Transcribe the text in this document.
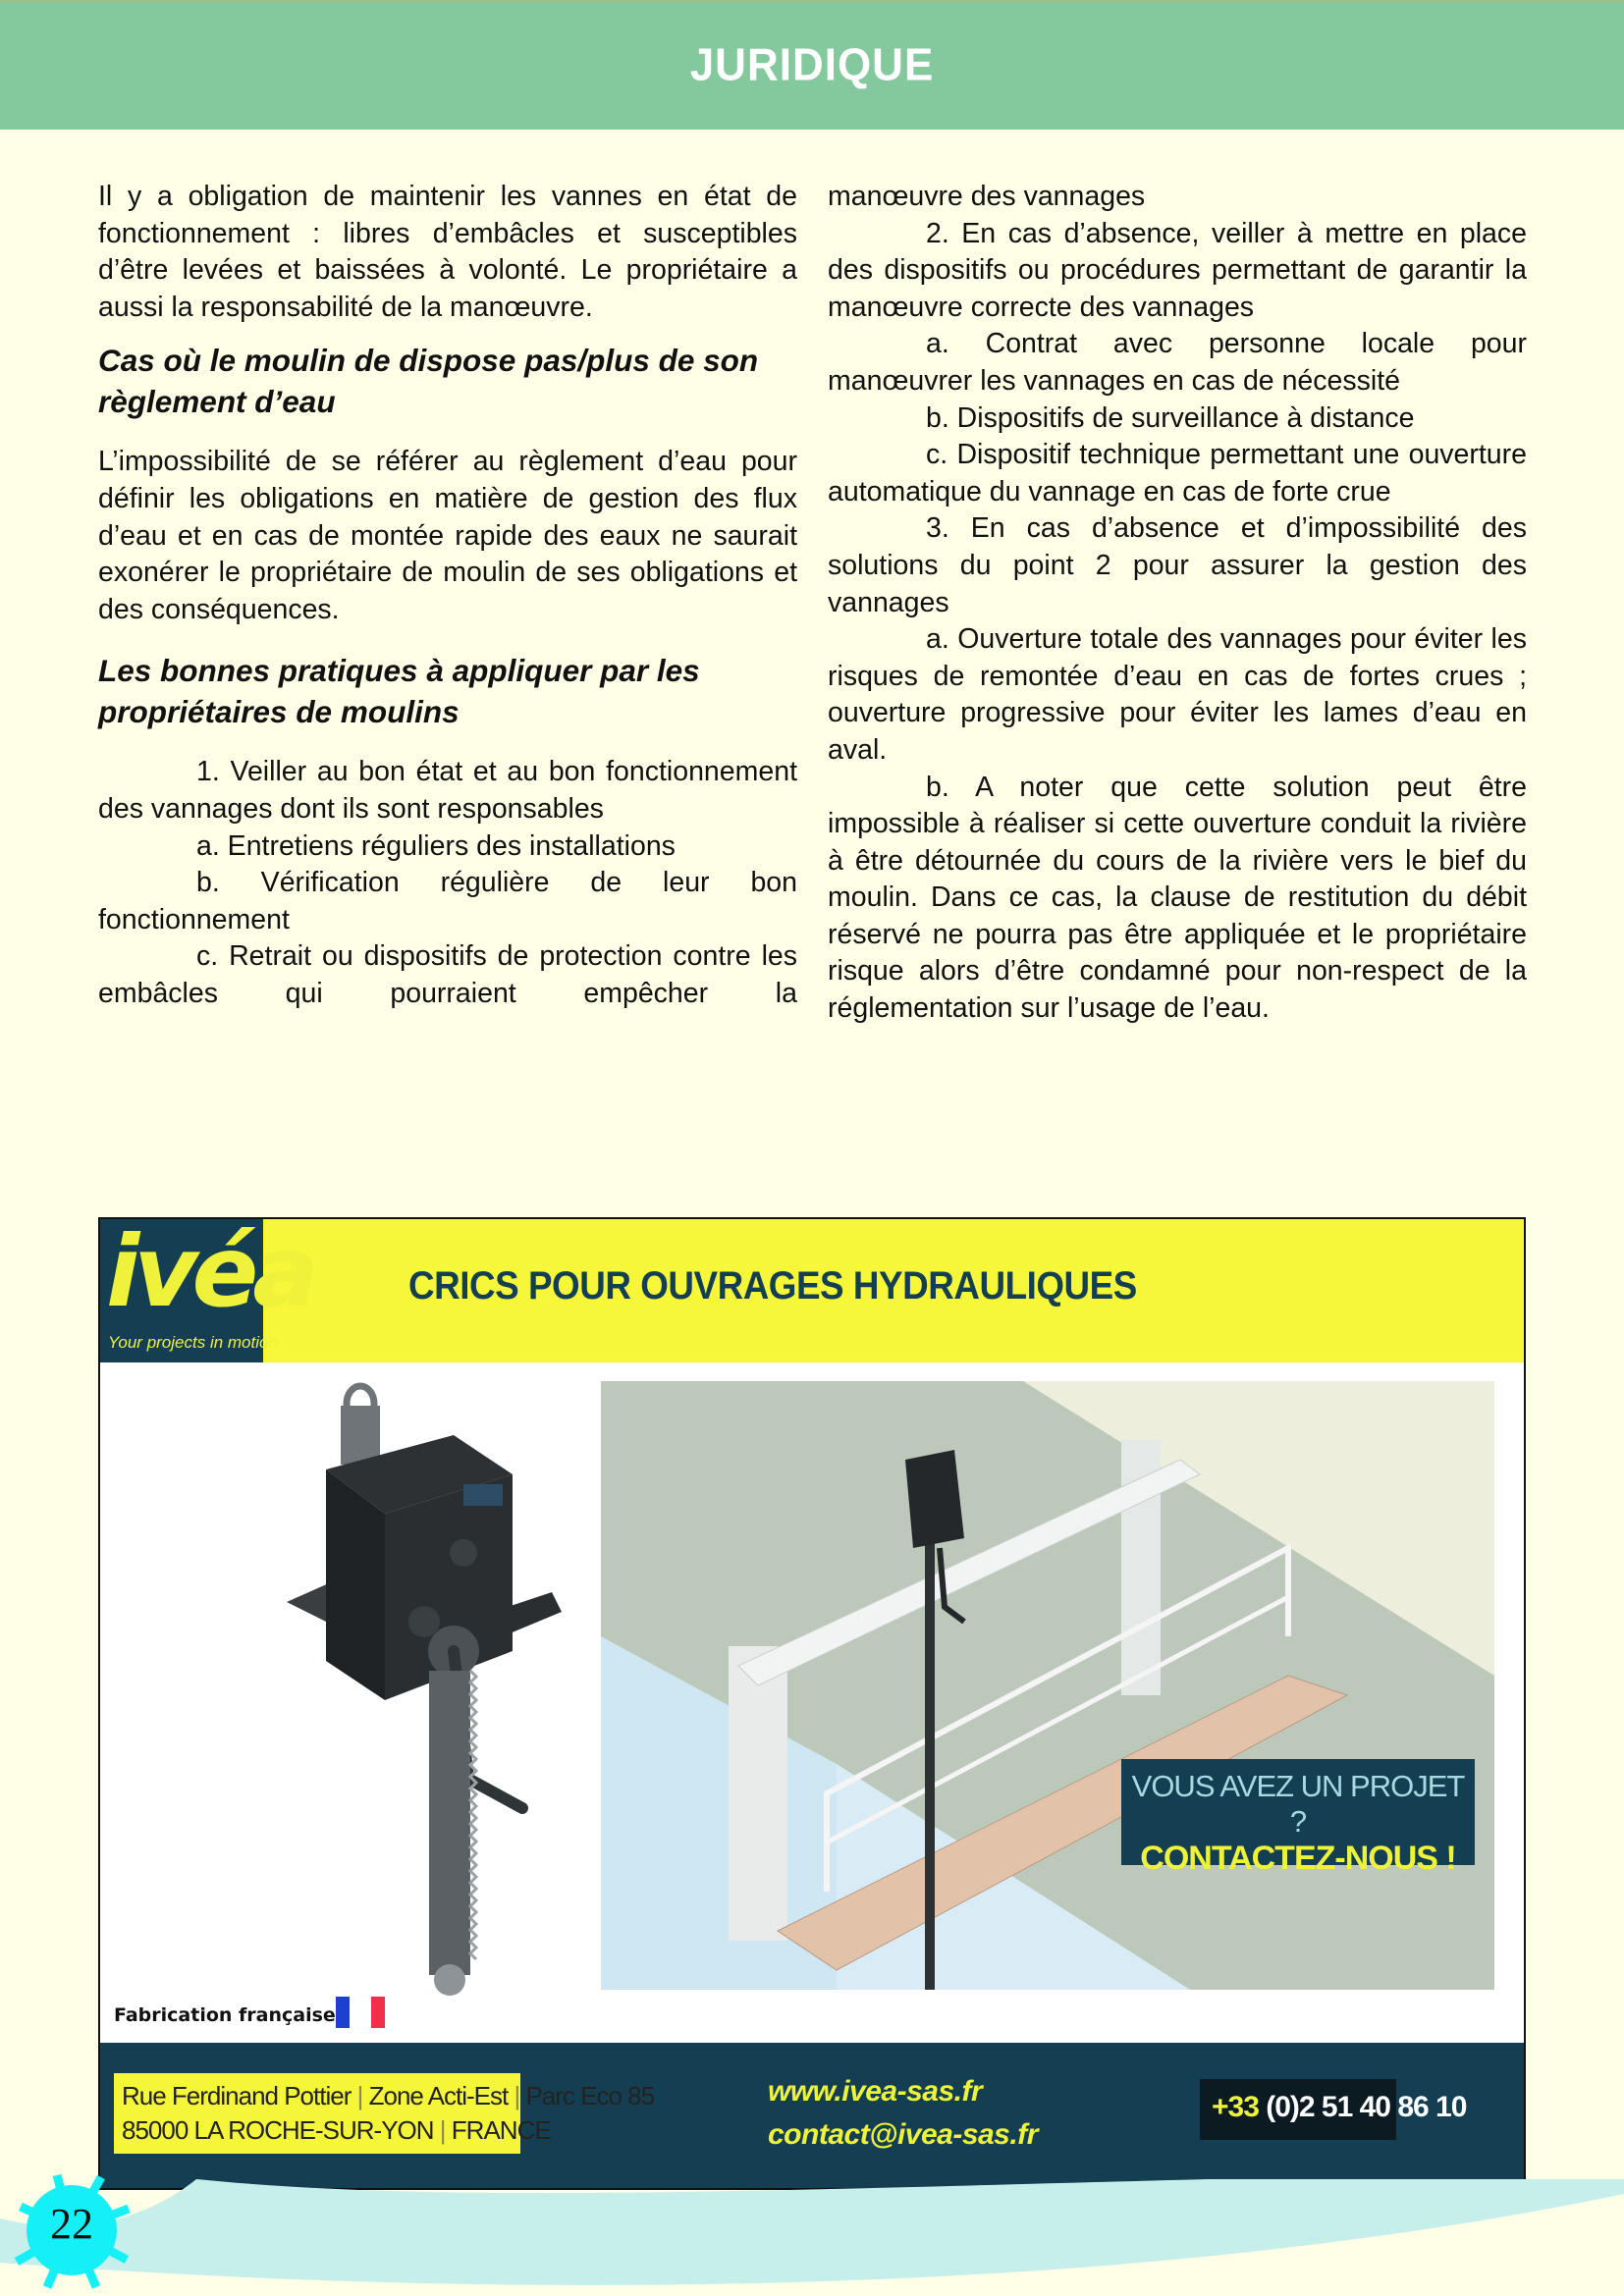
JURIDIQUE

Il y a obligation de maintenir les vannes en état de fonctionnement : libres d’embâcles et susceptibles d’être levées et baissées à volonté. Le propriétaire a aussi la responsabilité de la manœuvre.

Cas où le moulin de dispose pas/plus de son règlement d’eau

L’impossibilité de se référer au règlement d’eau pour définir les obligations en matière de gestion des flux d’eau et en cas de montée rapide des eaux ne saurait exonérer le propriétaire de moulin de ses obligations et des conséquences.

Les bonnes pratiques à appliquer par les propriétaires de moulins

1. Veiller au bon état et au bon fonctionnement des vannages dont ils sont responsables

a. Entretiens réguliers des installations

b. Vérification régulière de leur bon fonctionnement

c. Retrait ou dispositifs de protection contre les embâcles qui pourraient empêcher la

manœuvre des vannages

2. En cas d’absence, veiller à mettre en place des dispositifs ou procédures permettant de garantir la manœuvre correcte des vannages

a. Contrat avec personne locale pour manœuvrer les vannages en cas de nécessité

b. Dispositifs de surveillance à distance

c. Dispositif technique permettant une ouverture automatique du vannage en cas de forte crue

3. En cas d’absence et d’impossibilité des solutions du point 2 pour assurer la gestion des vannages

a. Ouverture totale des vannages pour éviter les risques de remontée d’eau en cas de fortes crues ; ouverture progressive pour éviter les lames d’eau en aval.

b. A noter que cette solution peut être impossible à réaliser si cette ouverture conduit la rivière à être détournée du cours de la rivière vers le bief du moulin. Dans ce cas, la clause de restitution du débit réservé ne pourra pas être appliquée et le propriétaire risque alors d’être condamné pour non-respect de la réglementation sur l’usage de l’eau.

ivéa
Your projects in motion
CRICS POUR OUVRAGES HYDRAULIQUES
VOUS AVEZ UN PROJET ?
CONTACTEZ-NOUS !
Fabrication française
Rue Ferdinand Pottier | Zone Acti-Est | Parc Eco 85
85000 LA ROCHE-SUR-YON | FRANCE
www.ivea-sas.fr
contact@ivea-sas.fr
+33 (0)2 51 40 86 10
22
